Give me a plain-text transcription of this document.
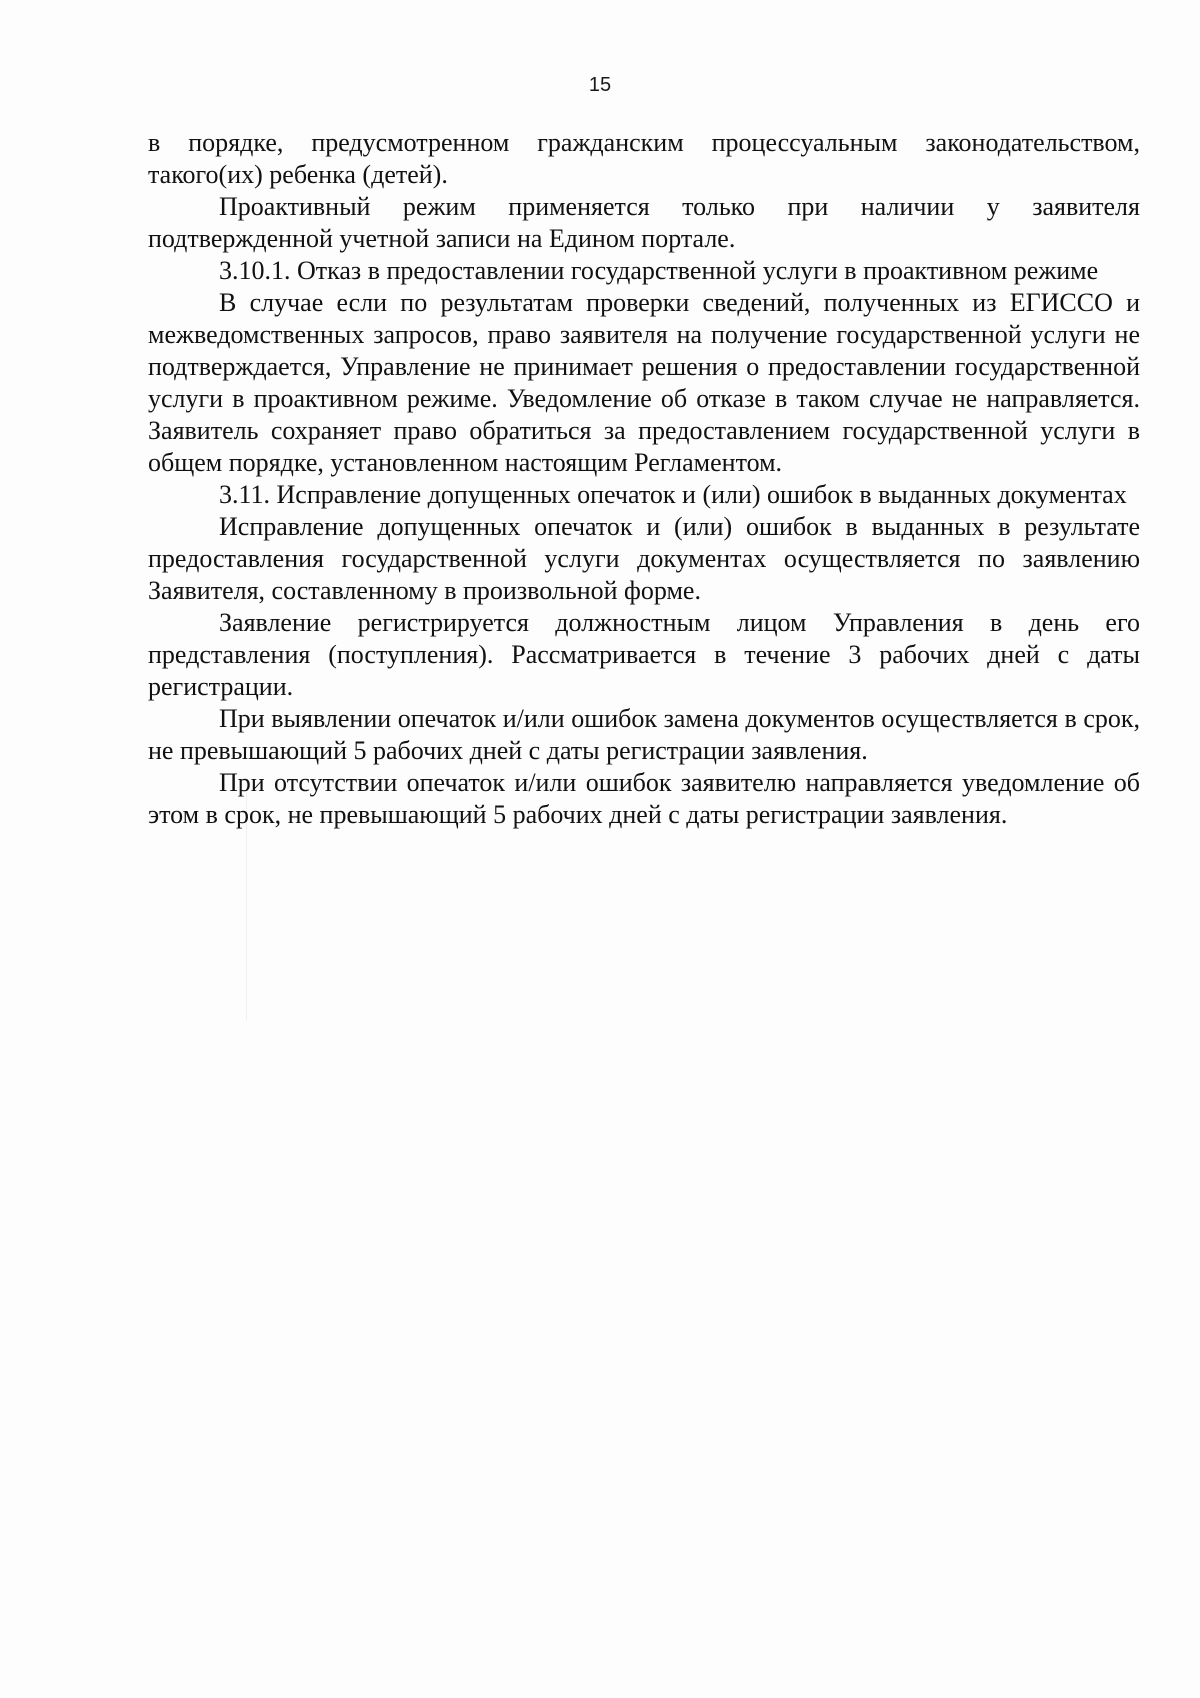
15

в порядке, предусмотренном гражданским процессуальным законодательством, такого(их) ребенка (детей).

Проактивный режим применяется только при наличии у заявителя подтвержденной учетной записи на Едином портале.

3.10.1. Отказ в предоставлении государственной услуги в проактивном режиме

В случае если по результатам проверки сведений, полученных из ЕГИССО и межведомственных запросов, право заявителя на получение государственной услуги не подтверждается, Управление не принимает решения о предоставлении государственной услуги в проактивном режиме. Уведомление об отказе в таком случае не направляется. Заявитель сохраняет право обратиться за предоставлением государственной услуги в общем порядке, установленном настоящим Регламентом.

3.11. Исправление допущенных опечаток и (или) ошибок в выданных документах

Исправление допущенных опечаток и (или) ошибок в выданных в результате предоставления государственной услуги документах осуществляется по заявлению Заявителя, составленному в произвольной форме.

Заявление регистрируется должностным лицом Управления в день его представления (поступления). Рассматривается в течение 3 рабочих дней с даты регистрации.

При выявлении опечаток и/или ошибок замена документов осуществляется в срок, не превышающий 5 рабочих дней с даты регистрации заявления.

При отсутствии опечаток и/или ошибок заявителю направляется уведомление об этом в срок, не превышающий 5 рабочих дней с даты регистрации заявления.
